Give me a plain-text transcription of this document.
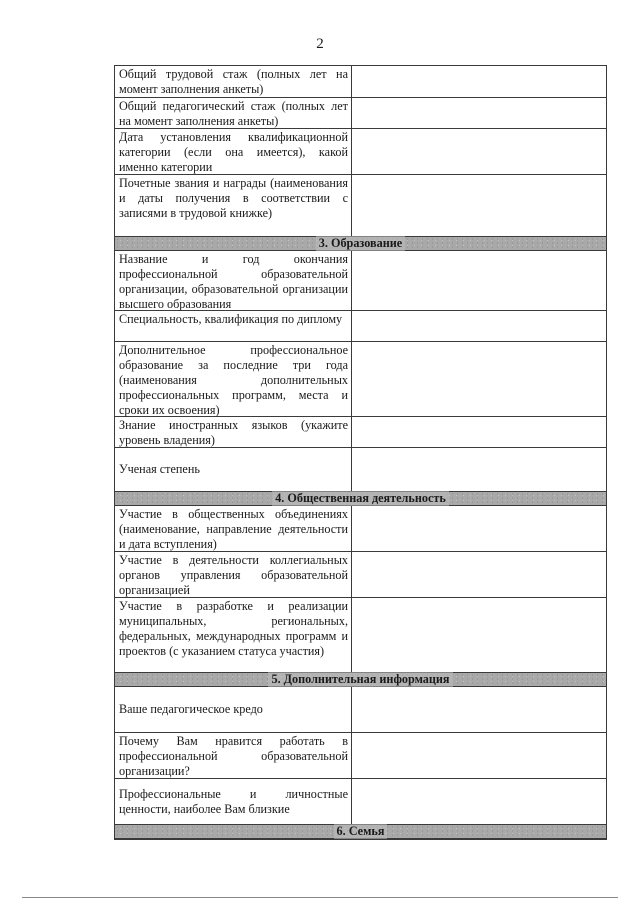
2
Общий трудовой стаж (полных лет на момент заполнения анкеты)
Общий педагогический стаж (полных лет на момент заполнения анкеты)
Дата установления квалификационной категории (если она имеется), какой именно категории
Почетные звания и награды (наименования и даты получения в соответствии с записями в трудовой книжке)
3. Образование
Название и год окончания профессиональной образовательной организации, образовательной организации высшего образования
Специальность, квалификация по диплому
Дополнительное профессиональное образование за последние три года (наименования дополнительных профессиональных программ, места и сроки их освоения)
Знание иностранных языков (укажите уровень владения)
Ученая степень
4. Общественная деятельность
Участие в общественных объединениях (наименование, направление деятельности и дата вступления)
Участие в деятельности коллегиальных органов управления образовательной организацией
Участие в разработке и реализации муниципальных, региональных, федеральных, международных программ и проектов (с указанием статуса участия)
5. Дополнительная информация
Ваше педагогическое кредо
Почему Вам нравится работать в профессиональной образовательной организации?
Профессиональные и личностные ценности, наиболее Вам близкие
6. Семья
